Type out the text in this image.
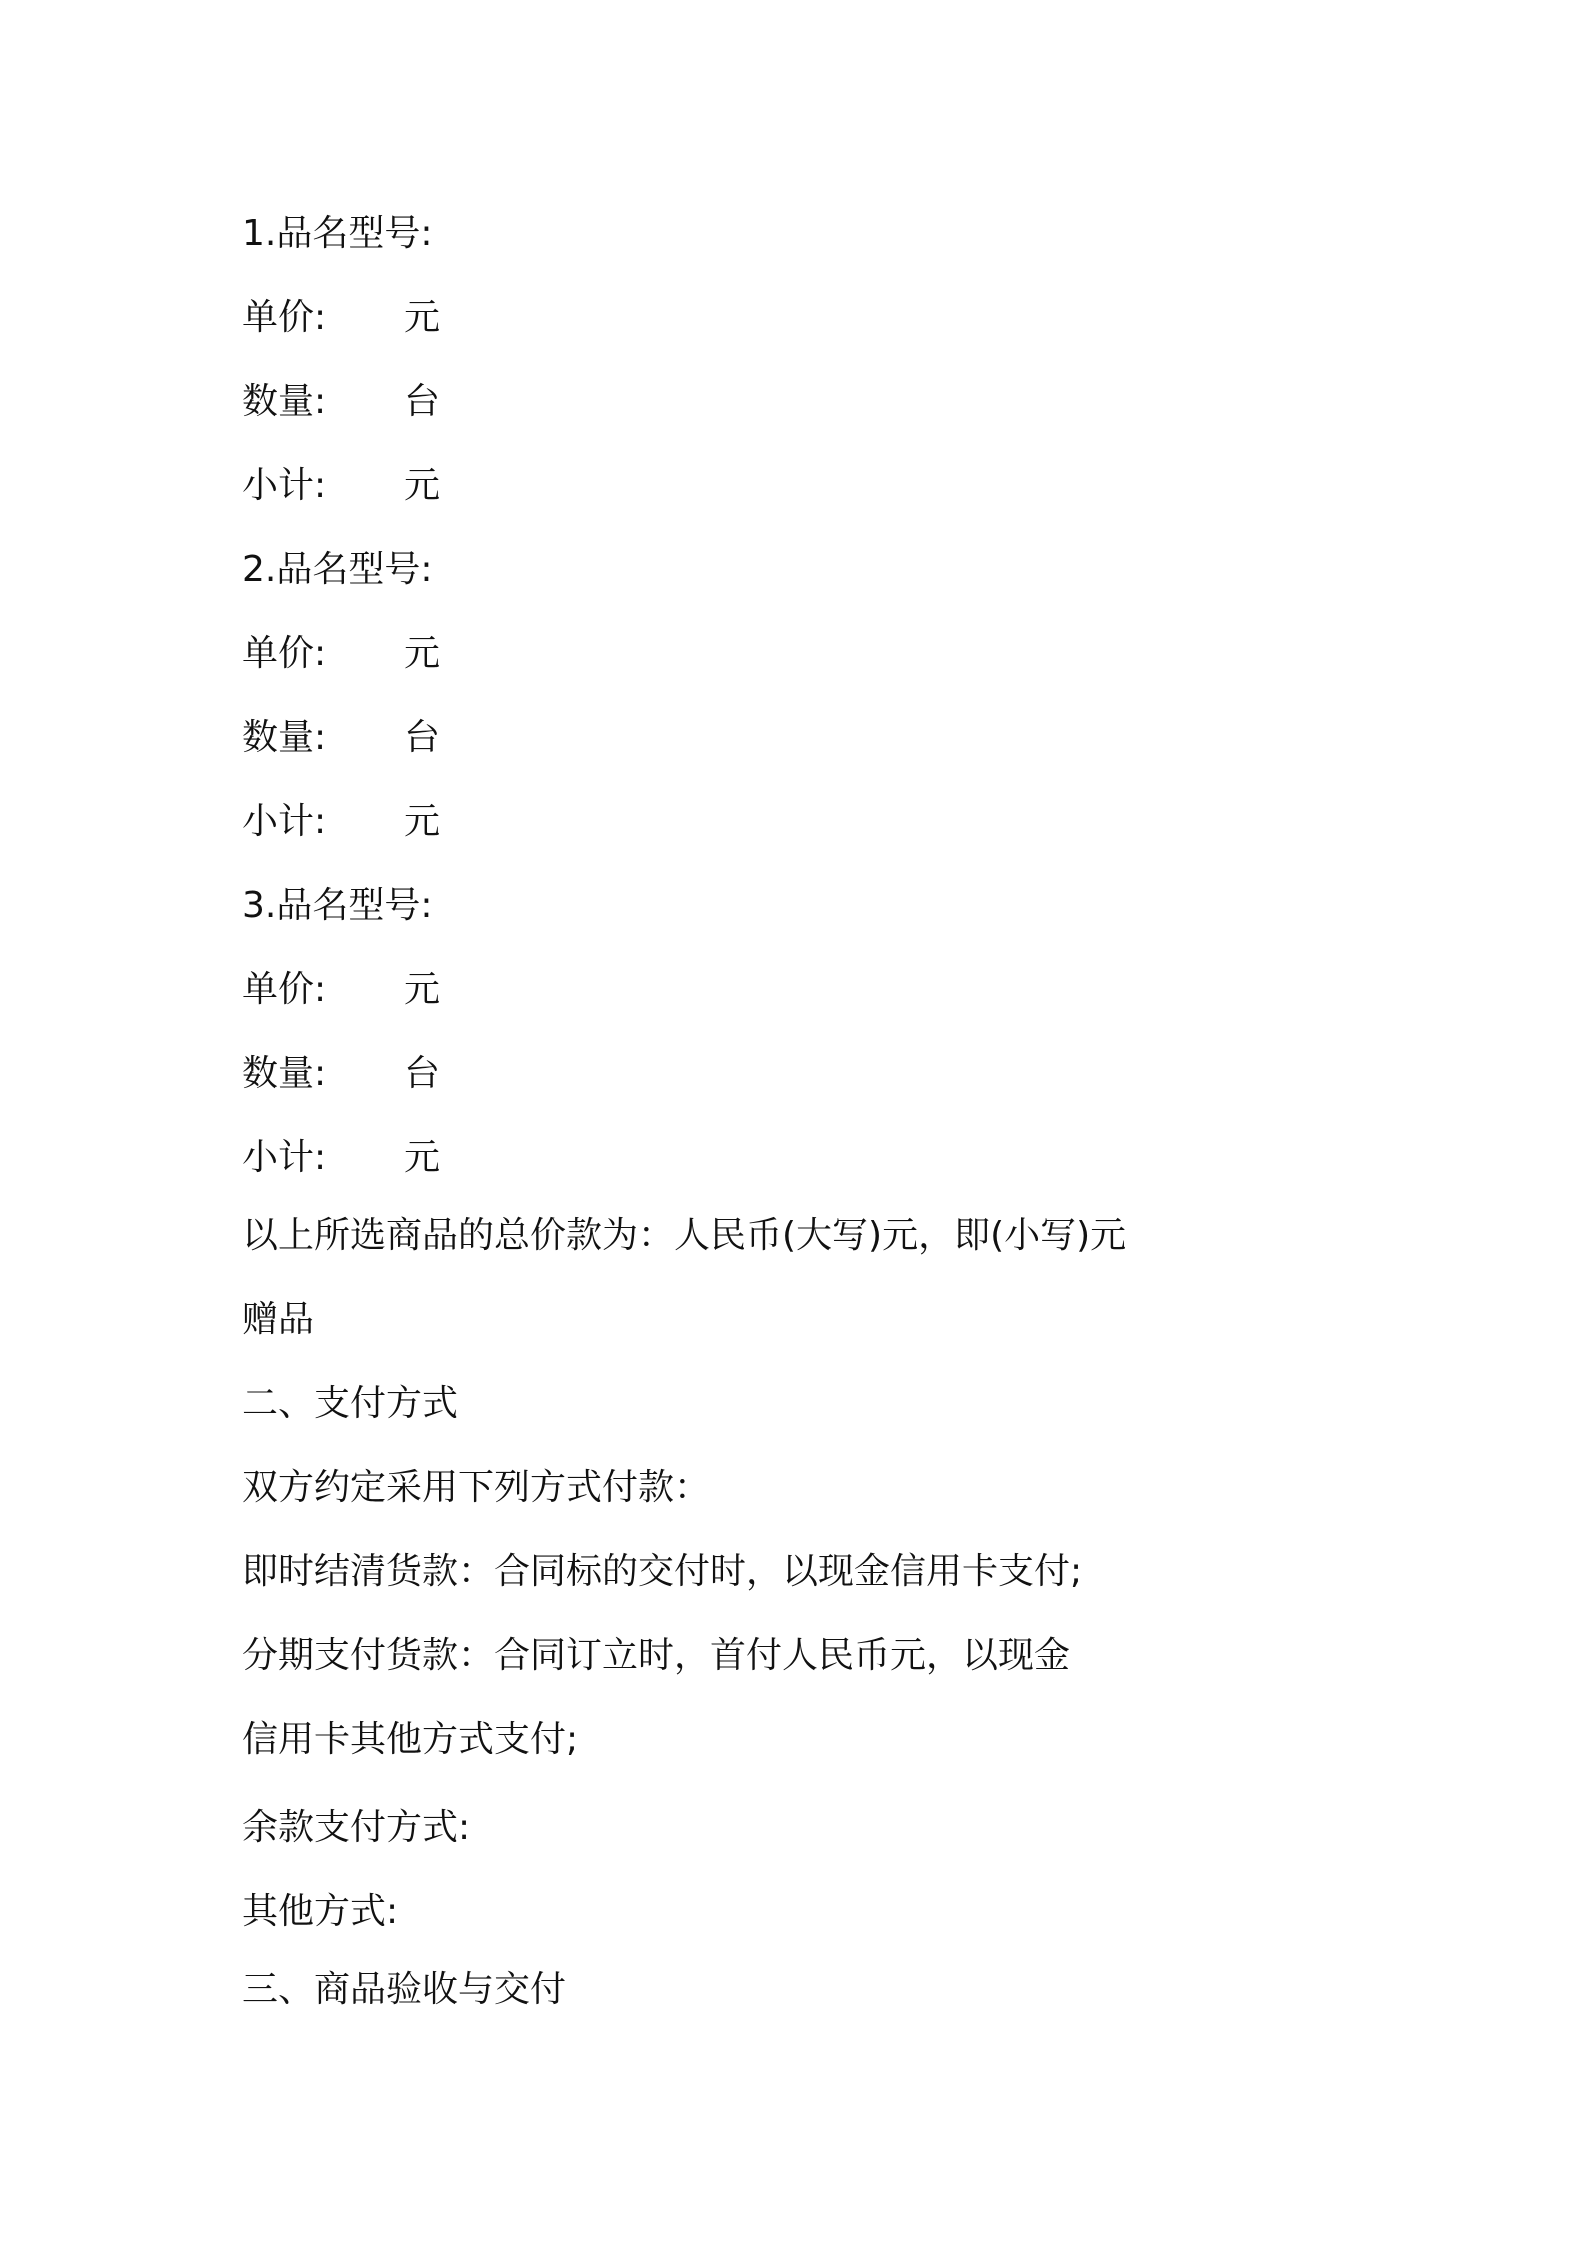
1.品名型号:
单价: 元
数量: 台
小计: 元
2.品名型号:
单价: 元
数量: 台
小计: 元
3.品名型号:
单价: 元
数量: 台
小计: 元
以上所选商品的总价款为：人民币(大写)元，即(小写)元
赠品
二、支付方式
双方约定采用下列方式付款：
即时结清货款：合同标的交付时，以现金信用卡支付;
分期支付货款：合同订立时，首付人民币元，以现金
信用卡其他方式支付;
余款支付方式:
其他方式:
三、商品验收与交付
